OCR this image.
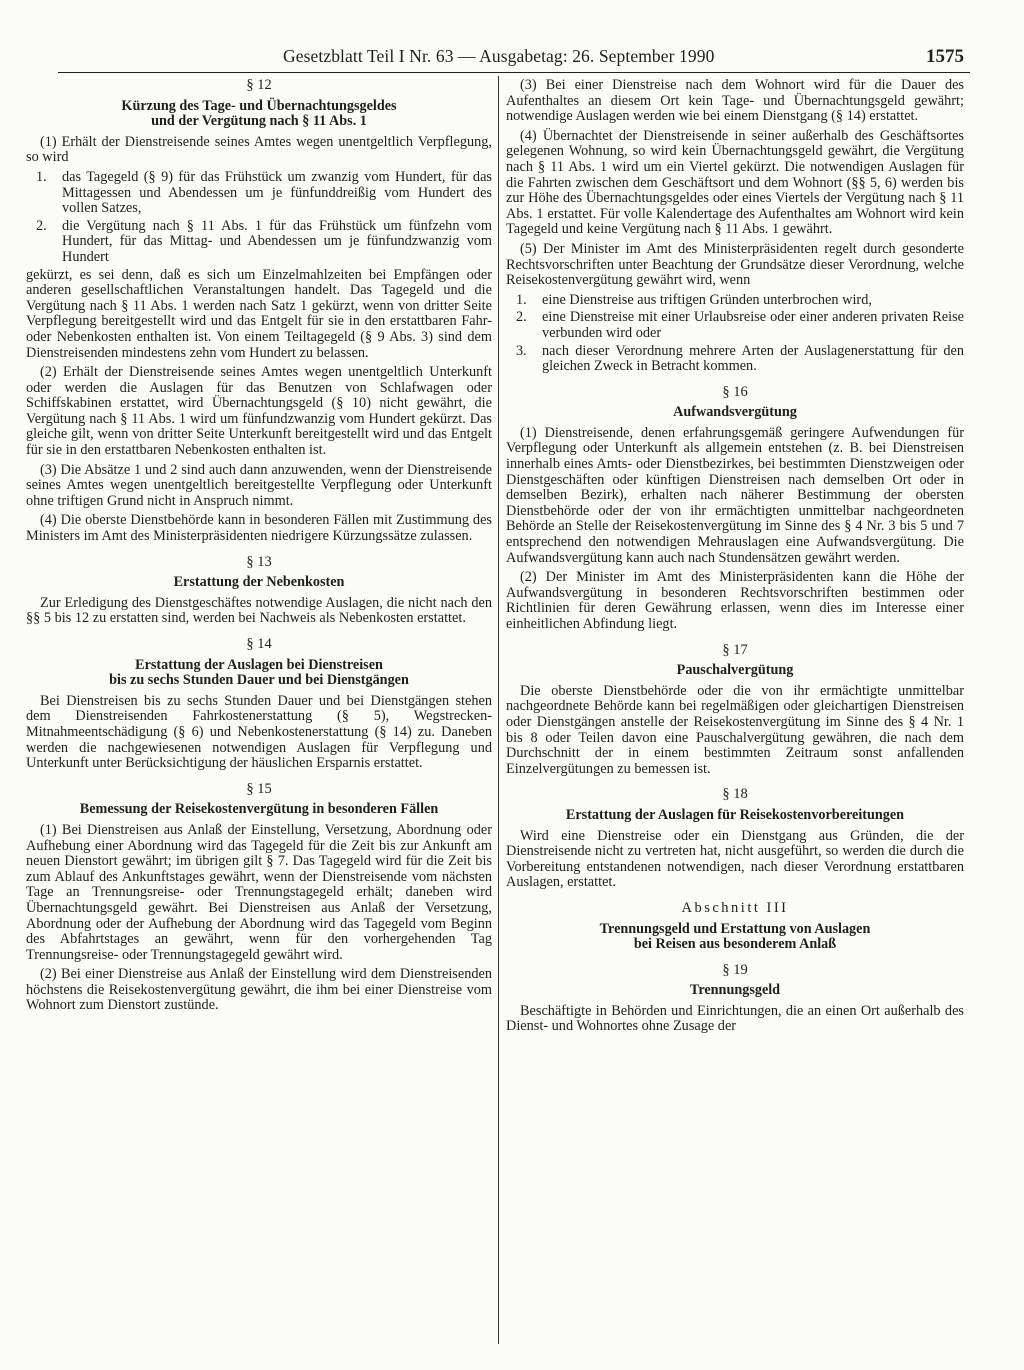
Gesetzblatt Teil I Nr. 63 — Ausgabetag: 26. September 1990	1575
§ 12
Kürzung des Tage- und Übernachtungsgeldes
und der Vergütung nach § 11 Abs. 1

(1) Erhält der Dienstreisende seines Amtes wegen unentgeltlich Verpflegung, so wird

1.	das Tagegeld (§ 9) für das Frühstück um zwanzig vom Hundert, für das Mittagessen und Abendessen um je fünfunddreißig vom Hundert des vollen Satzes,
2.	die Vergütung nach § 11 Abs. 1 für das Frühstück um fünfzehn vom Hundert, für das Mittag- und Abendessen um je fünfundzwanzig vom Hundert
gekürzt, es sei denn, daß es sich um Einzelmahlzeiten bei Empfängen oder anderen gesellschaftlichen Veranstaltungen handelt. Das Tagegeld und die Vergütung nach § 11 Abs. 1 werden nach Satz 1 gekürzt, wenn von dritter Seite Verpflegung bereitgestellt wird und das Entgelt für sie in den erstattbaren Fahr- oder Nebenkosten enthalten ist. Von einem Teiltagegeld (§ 9 Abs. 3) sind dem Dienstreisenden mindestens zehn vom Hundert zu belassen.

(2) Erhält der Dienstreisende seines Amtes wegen unentgeltlich Unterkunft oder werden die Auslagen für das Benutzen von Schlafwagen oder Schiffskabinen erstattet, wird Übernachtungsgeld (§ 10) nicht gewährt, die Vergütung nach § 11 Abs. 1 wird um fünfundzwanzig vom Hundert gekürzt. Das gleiche gilt, wenn von dritter Seite Unterkunft bereitgestellt wird und das Entgelt für sie in den erstattbaren Nebenkosten enthalten ist.

(3) Die Absätze 1 und 2 sind auch dann anzuwenden, wenn der Dienstreisende seines Amtes wegen unentgeltlich bereitgestellte Verpflegung oder Unterkunft ohne triftigen Grund nicht in Anspruch nimmt.

(4) Die oberste Dienstbehörde kann in besonderen Fällen mit Zustimmung des Ministers im Amt des Ministerpräsidenten niedrigere Kürzungssätze zulassen.

§ 13
Erstattung der Nebenkosten

Zur Erledigung des Dienstgeschäftes notwendige Auslagen, die nicht nach den §§ 5 bis 12 zu erstatten sind, werden bei Nachweis als Nebenkosten erstattet.

§ 14
Erstattung der Auslagen bei Dienstreisen
bis zu sechs Stunden Dauer und bei Dienstgängen

Bei Dienstreisen bis zu sechs Stunden Dauer und bei Dienstgängen stehen dem Dienstreisenden Fahrkostenerstattung (§ 5), Wegstrecken-Mitnahmeentschädigung (§ 6) und Nebenkostenerstattung (§ 14) zu. Daneben werden die nachgewiesenen notwendigen Auslagen für Verpflegung und Unterkunft unter Berücksichtigung der häuslichen Ersparnis erstattet.

§ 15
Bemessung der Reisekostenvergütung in besonderen Fällen

(1) Bei Dienstreisen aus Anlaß der Einstellung, Versetzung, Abordnung oder Aufhebung einer Abordnung wird das Tagegeld für die Zeit bis zur Ankunft am neuen Dienstort gewährt; im übrigen gilt § 7. Das Tagegeld wird für die Zeit bis zum Ablauf des Ankunftstages gewährt, wenn der Dienstreisende vom nächsten Tage an Trennungsreise- oder Trennungstagegeld erhält; daneben wird Übernachtungsgeld gewährt. Bei Dienstreisen aus Anlaß der Versetzung, Abordnung oder der Aufhebung der Abordnung wird das Tagegeld vom Beginn des Abfahrtstages an gewährt, wenn für den vorhergehenden Tag Trennungsreise- oder Trennungstagegeld gewährt wird.

(2) Bei einer Dienstreise aus Anlaß der Einstellung wird dem Dienstreisenden höchstens die Reisekostenvergütung gewährt, die ihm bei einer Dienstreise vom Wohnort zum Dienstort zustünde.

(3) Bei einer Dienstreise nach dem Wohnort wird für die Dauer des Aufenthaltes an diesem Ort kein Tage- und Übernachtungsgeld gewährt; notwendige Auslagen werden wie bei einem Dienstgang (§ 14) erstattet.

(4) Übernachtet der Dienstreisende in seiner außerhalb des Geschäftsortes gelegenen Wohnung, so wird kein Übernachtungsgeld gewährt, die Vergütung nach § 11 Abs. 1 wird um ein Viertel gekürzt. Die notwendigen Auslagen für die Fahrten zwischen dem Geschäftsort und dem Wohnort (§§ 5, 6) werden bis zur Höhe des Übernachtungsgeldes oder eines Viertels der Vergütung nach § 11 Abs. 1 erstattet. Für volle Kalendertage des Aufenthaltes am Wohnort wird kein Tagegeld und keine Vergütung nach § 11 Abs. 1 gewährt.

(5) Der Minister im Amt des Ministerpräsidenten regelt durch gesonderte Rechtsvorschriften unter Beachtung der Grundsätze dieser Verordnung, welche Reisekostenvergütung gewährt wird, wenn

1.	eine Dienstreise aus triftigen Gründen unterbrochen wird,
2.	eine Dienstreise mit einer Urlaubsreise oder einer anderen privaten Reise verbunden wird oder
3.	nach dieser Verordnung mehrere Arten der Auslagenerstattung für den gleichen Zweck in Betracht kommen.
§ 16
Aufwandsvergütung

(1) Dienstreisende, denen erfahrungsgemäß geringere Aufwendungen für Verpflegung oder Unterkunft als allgemein entstehen (z. B. bei Dienstreisen innerhalb eines Amts- oder Dienstbezirkes, bei bestimmten Dienstzweigen oder Dienstgeschäften oder künftigen Dienstreisen nach demselben Ort oder in demselben Bezirk), erhalten nach näherer Bestimmung der obersten Dienstbehörde oder der von ihr ermächtigten unmittelbar nachgeordneten Behörde an Stelle der Reisekostenvergütung im Sinne des § 4 Nr. 3 bis 5 und 7 entsprechend den notwendigen Mehrauslagen eine Aufwandsvergütung. Die Aufwandsvergütung kann auch nach Stundensätzen gewährt werden.

(2) Der Minister im Amt des Ministerpräsidenten kann die Höhe der Aufwandsvergütung in besonderen Rechtsvorschriften bestimmen oder Richtlinien für deren Gewährung erlassen, wenn dies im Interesse einer einheitlichen Abfindung liegt.

§ 17
Pauschalvergütung

Die oberste Dienstbehörde oder die von ihr ermächtigte unmittelbar nachgeordnete Behörde kann bei regelmäßigen oder gleichartigen Dienstreisen oder Dienstgängen anstelle der Reisekostenvergütung im Sinne des § 4 Nr. 1 bis 8 oder Teilen davon eine Pauschalvergütung gewähren, die nach dem Durchschnitt der in einem bestimmten Zeitraum sonst anfallenden Einzelvergütungen zu bemessen ist.

§ 18
Erstattung der Auslagen für Reisekostenvorbereitungen

Wird eine Dienstreise oder ein Dienstgang aus Gründen, die der Dienstreisende nicht zu vertreten hat, nicht ausgeführt, so werden die durch die Vorbereitung entstandenen notwendigen, nach dieser Verordnung erstattbaren Auslagen, erstattet.

Abschnitt III
Trennungsgeld und Erstattung von Auslagen
bei Reisen aus besonderem Anlaß
§ 19
Trennungsgeld

Beschäftigte in Behörden und Einrichtungen, die an einen Ort außerhalb des Dienst- und Wohnortes ohne Zusage der
